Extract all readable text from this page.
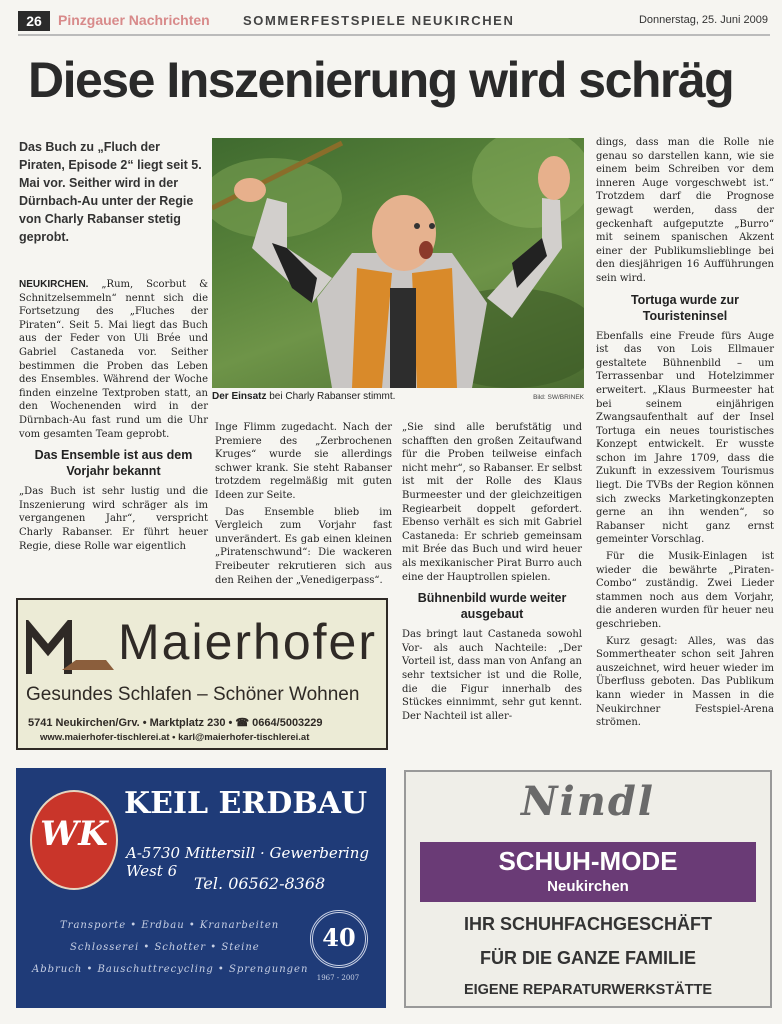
26	Pinzgauer Nachrichten	SOMMERFESTSPIELE NEUKIRCHEN	Donnerstag, 25. Juni 2009
Diese Inszenierung wird schräg
Das Buch zu „Fluch der Piraten, Episode 2“ liegt seit 5. Mai vor. Seither wird in der Dürnbach-Au unter der Regie von Charly Rabanser stetig geprobt.
Der Einsatz bei Charly Rabanser stimmt.	Bild: SW/BRINEK

NEUKIRCHEN. „Rum, Scorbut & Schnitzelsemmeln“ nennt sich die Fortsetzung des „Fluches der Piraten“. Seit 5. Mai liegt das Buch aus der Feder von Uli Brée und Gabriel Castaneda vor. Seither bestimmen die Proben das Leben des Ensembles. Während der Woche finden einzelne Textproben statt, an den Wochenenden wird in der Dürnbach-Au fast rund um die Uhr vom gesamten Team geprobt.

Das Ensemble ist aus dem Vorjahr bekannt

„Das Buch ist sehr lustig und die Inszenierung wird schräger als im vergangenen Jahr“, verspricht Charly Rabanser. Er führt heuer Regie, diese Rolle war eigentlich

Inge Flimm zugedacht. Nach der Premiere des „Zerbrochenen Kruges“ wurde sie allerdings schwer krank. Sie steht Rabanser trotzdem regelmäßig mit guten Ideen zur Seite.

Das Ensemble blieb im Vergleich zum Vorjahr fast unverändert. Es gab einen kleinen „Piratenschwund“: Die wackeren Freibeuter rekrutieren sich aus den Reihen der „Venedigerpass“.

„Sie sind alle berufstätig und schafften den großen Zeitaufwand für die Proben teilweise einfach nicht mehr“, so Rabanser. Er selbst ist mit der Rolle des Klaus Burmeester und der gleichzeitigen Regiearbeit doppelt gefordert. Ebenso verhält es sich mit Gabriel Castaneda: Er schrieb gemeinsam mit Brée das Buch und wird heuer als mexikanischer Pirat Burro auch eine der Hauptrollen spielen.

Bühnenbild wurde weiter ausgebaut

Das bringt laut Castaneda sowohl Vor- als auch Nachteile: „Der Vorteil ist, dass man von Anfang an sehr textsicher ist und die Rolle, die die Figur innerhalb des Stückes einnimmt, sehr gut kennt. Der Nachteil ist aller-

dings, dass man die Rolle nie genau so darstellen kann, wie sie einem beim Schreiben vor dem inneren Auge vorgeschwebt ist.“ Trotzdem darf die Prognose gewagt werden, dass der geckenhaft aufgeputzte „Burro“ mit seinem spanischen Akzent einer der Publikumslieblinge bei den diesjährigen 16 Aufführungen sein wird.

Tortuga wurde zur Touristeninsel

Ebenfalls eine Freude fürs Auge ist das von Lois Ellmauer gestaltete Bühnenbild – um Terrassenbar und Hotelzimmer erweitert. „Klaus Burmeester hat bei seinem einjährigen Zwangsaufenthalt auf der Insel Tortuga ein neues touristisches Konzept entwickelt. Er wusste schon im Jahre 1709, dass die Zukunft in exzessivem Tourismus liegt. Die TVBs der Region können sich zwecks Marketingkonzepten gerne an ihn wenden“, so Rabanser nicht ganz ernst gemeinter Vorschlag.

Für die Musik-Einlagen ist wieder die bewährte „Piraten-Combo“ zuständig. Zwei Lieder stammen noch aus dem Vorjahr, die anderen wurden für heuer neu geschrieben.

Kurz gesagt: Alles, was das Sommertheater schon seit Jahren auszeichnet, wird heuer wieder im Überfluss geboten. Das Publikum kann wieder in Massen in die Neukirchner Festspiel-Arena strömen.

Maierhofer
Gesundes Schlafen – Schöner Wohnen
5741 Neukirchen/Grv. • Marktplatz 230 • ☎ 0664/5003229
www.maierhofer-tischlerei.at • karl@maierhofer-tischlerei.at
WK
KEIL ERDBAU
A-5730 Mittersill · Gewerbering West 6
Tel. 06562-8368
Transporte • Erdbau • Kranarbeiten
Schlosserei • Schotter • Steine
Abbruch • Bauschuttrecycling • Sprengungen
40
1967 - 2007
Nindl
SCHUH-MODE
Neukirchen
IHR SCHUHFACHGESCHÄFT
FÜR DIE GANZE FAMILIE
EIGENE REPARATURWERKSTÄTTE
